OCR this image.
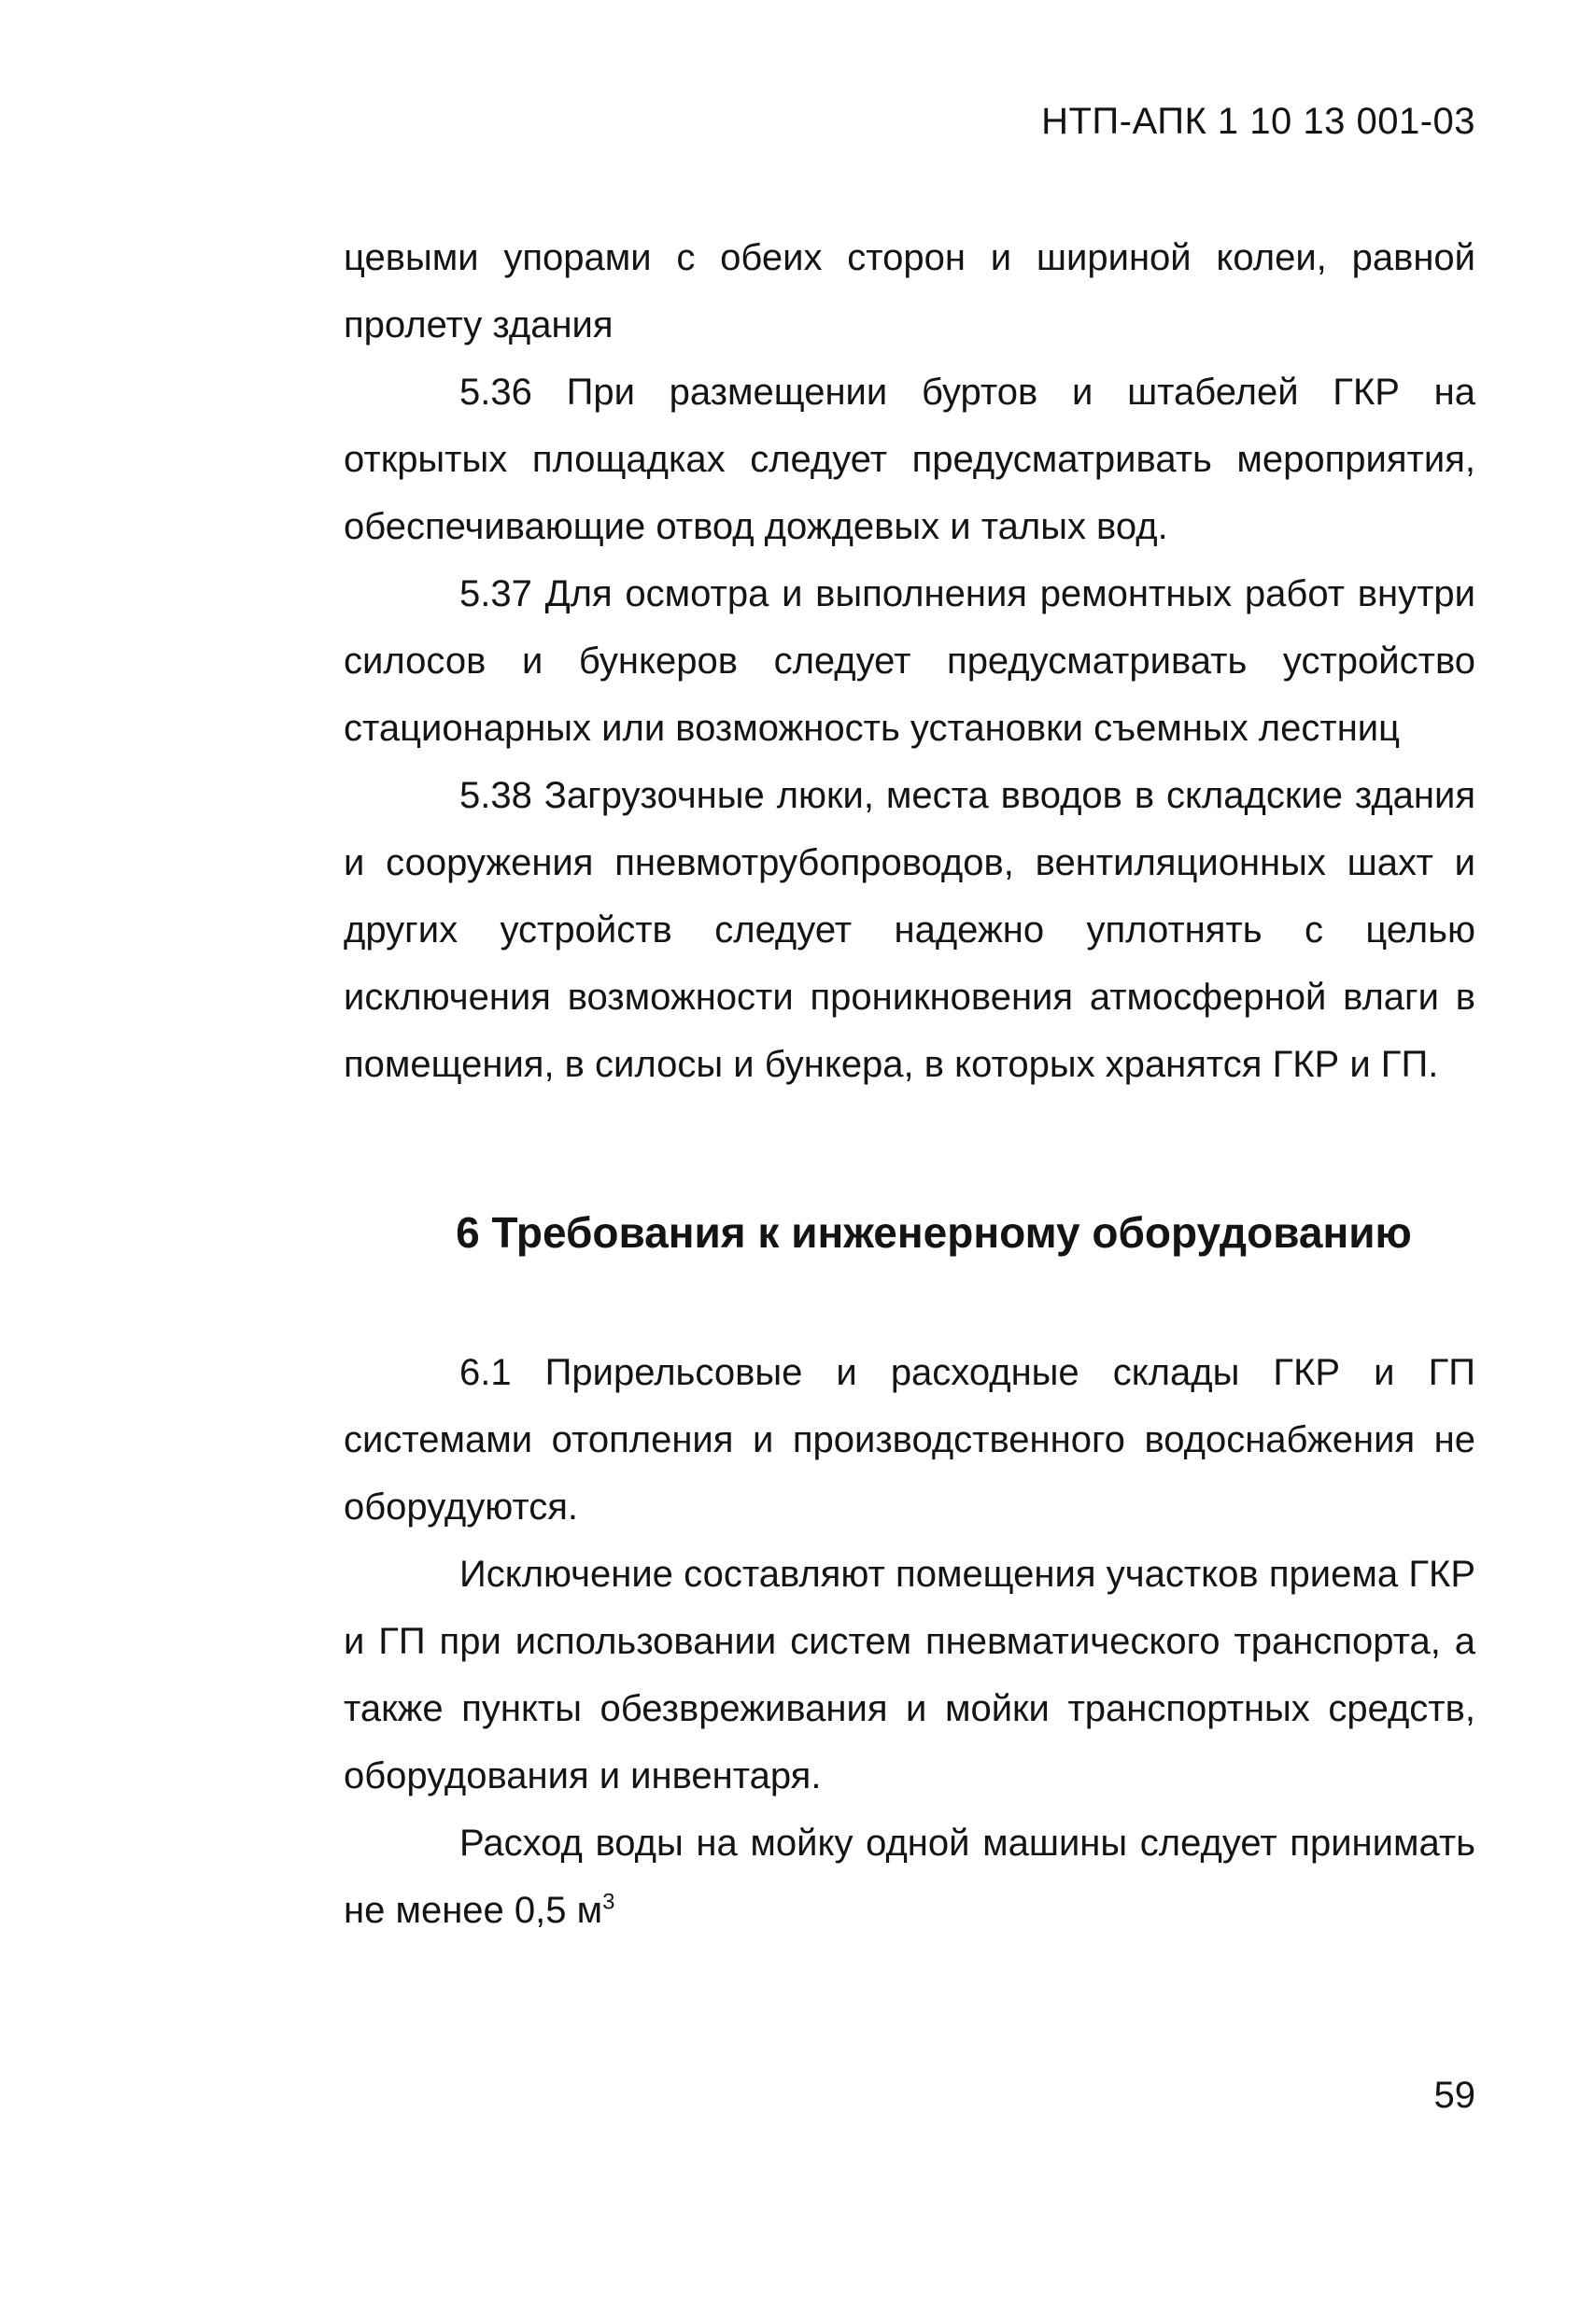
НТП-АПК 1 10 13 001-03

цевыми упорами с обеих сторон и шириной колеи, равной пролету здания

5.36 При размещении буртов и штабелей ГКР на открытых площадках следует предусматривать мероприятия, обеспечивающие отвод дождевых и талых вод.

5.37 Для осмотра и выполнения ремонтных работ внутри силосов и бункеров следует предусматривать устройство стационарных или возможность установки съемных лестниц

5.38 Загрузочные люки, места вводов в складские здания и сооружения пневмотрубопроводов, вентиляционных шахт и других устройств следует надежно уплотнять с целью исключения возможности проникновения атмосферной влаги в помещения, в силосы и бункера, в которых хранятся ГКР и ГП.

6 Требования к инженерному оборудованию

6.1 Прирельсовые и расходные склады ГКР и ГП системами отопления и производственного водоснабжения не оборудуются.

Исключение составляют помещения участков приема ГКР и ГП при использовании систем пневматического транспорта, а также пункты обезвреживания и мойки транспортных средств, оборудования и инвентаря.

Расход воды на мойку одной машины следует принимать не менее 0,5 $м^3$

59
